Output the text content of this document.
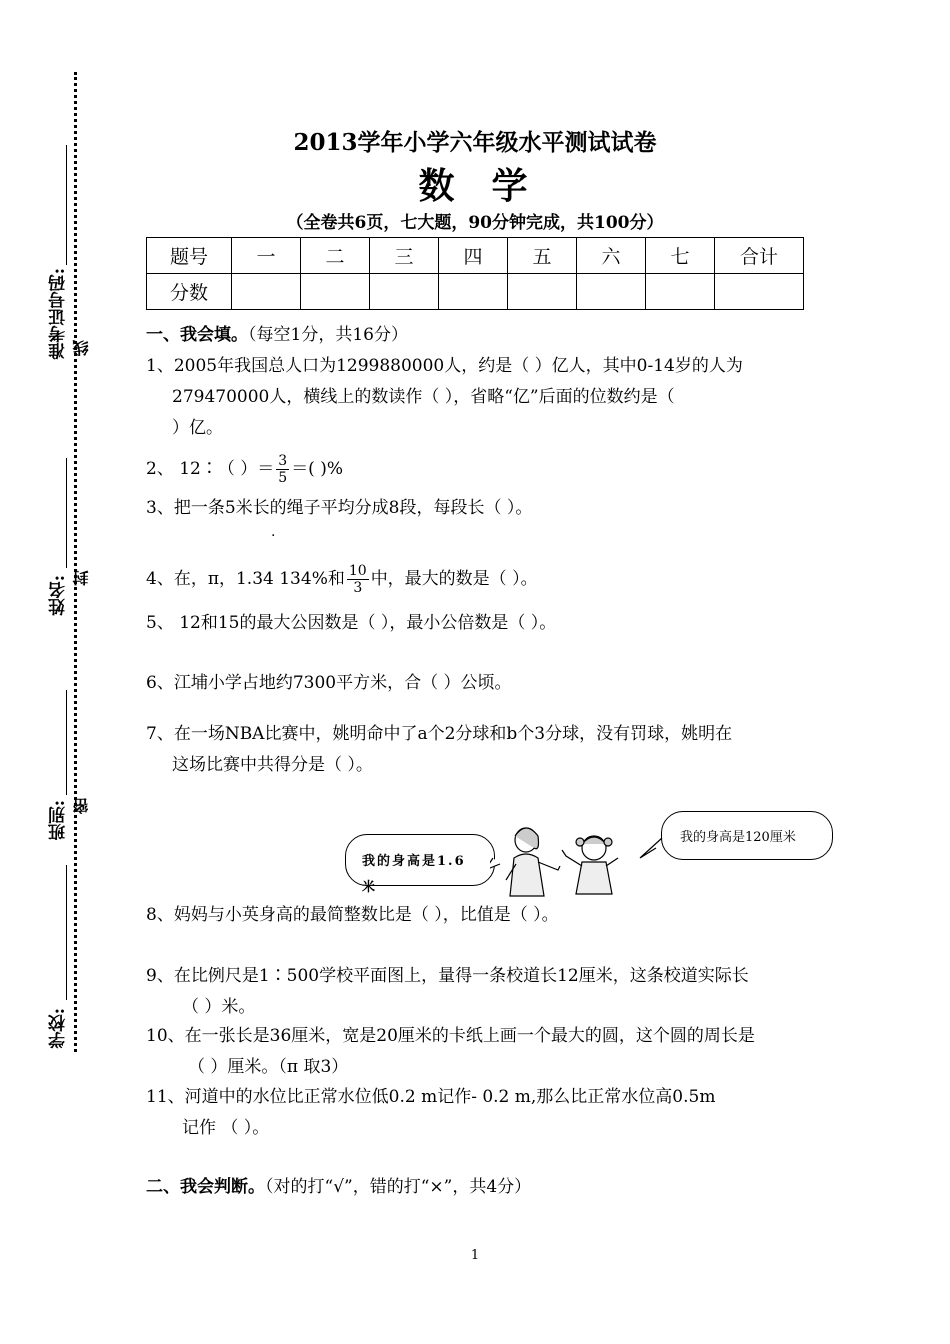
准考证号码: 线
姓名: 封
班别: 密
学校:
2013学年小学六年级水平测试试卷
数  学
（全卷共6页，七大题，90分钟完成，共100分）
题号	一	二	三	四	五	六	七	合计
分数								
一、我会填。（每空1分，共16分）
1、2005年我国总人口为1299880000人，约是（ ）亿人，其中0-14岁的人为
279470000人，横线上的数读作（ ），省略“亿”后面的位数约是（
）亿。
2、 12∶（ ）＝ $\frac{3}{5}$ ＝( )%
3、把一条5米长的绳子平均分成8段，每段长（ ）。
.
4、在，π，1.34 134%和 $\frac{10}{3}$ 中，最大的数是（ ）。
5、 12和15的最大公因数是（ ），最小公倍数是（ ）。
6、江埔小学占地约7300平方米，合（ ）公顷。
7、在一场NBA比赛中，姚明命中了a个2分球和b个3分球，没有罚球，姚明在
这场比赛中共得分是（ ）。
我的身高是1.6米
我的身高是120厘米
8、妈妈与小英身高的最简整数比是（ ），比值是（ ）。
9、在比例尺是1∶500学校平面图上，量得一条校道长12厘米，这条校道实际长
（ ）米。
10、在一张长是36厘米，宽是20厘米的卡纸上画一个最大的圆，这个圆的周长是
（ ）厘米。（π 取3）
11、河道中的水位比正常水位低0.2 m记作- 0.2 m,那么比正常水位高0.5m
记作 （ ）。
二、我会判断。（对的打“√”，错的打“×”，共4分）
1
